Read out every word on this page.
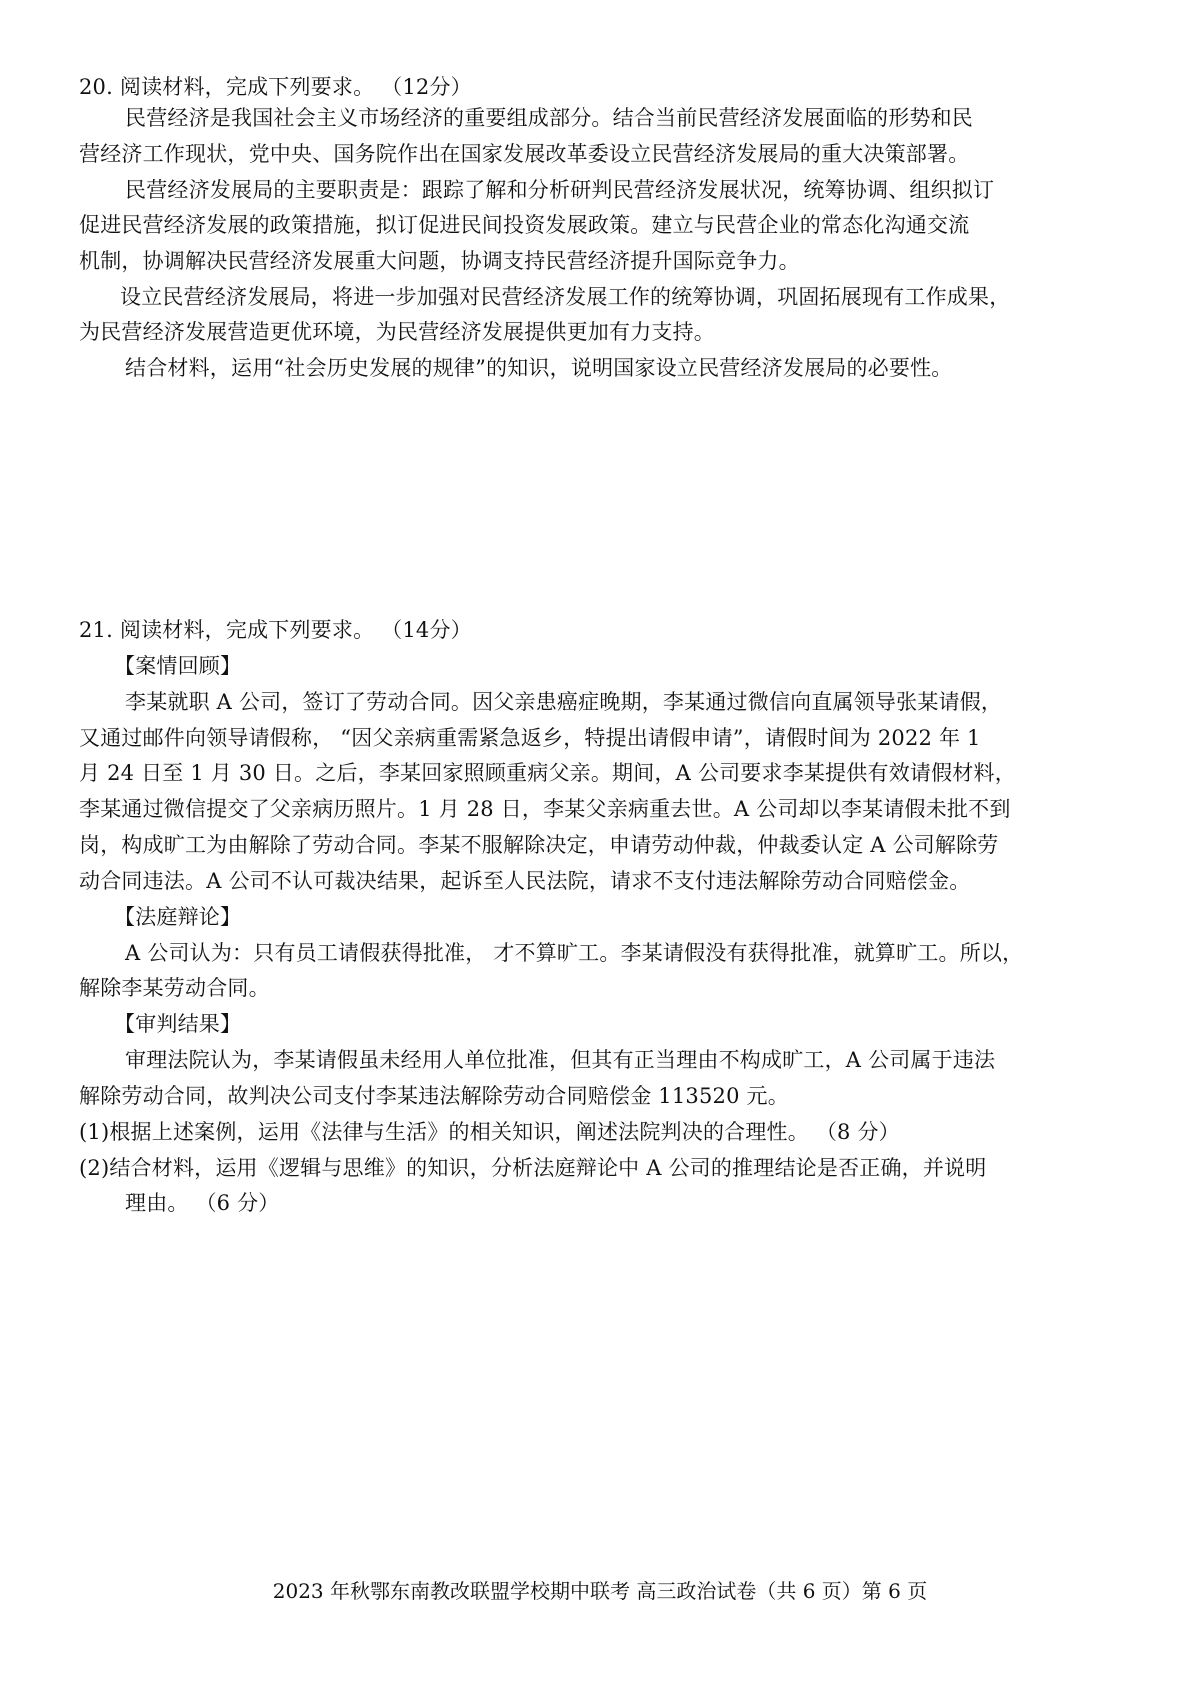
20. 阅读材料，完成下列要求。 （12分）
民营经济是我国社会主义市场经济的重要组成部分。结合当前民营经济发展面临的形势和民
营经济工作现状，党中央、国务院作出在国家发展改革委设立民营经济发展局的重大决策部署。
民营经济发展局的主要职责是：跟踪了解和分析研判民营经济发展状况，统筹协调、组织拟订
促进民营经济发展的政策措施，拟订促进民间投资发展政策。建立与民营企业的常态化沟通交流
机制，协调解决民营经济发展重大问题，协调支持民营经济提升国际竞争力。
设立民营经济发展局，将进一步加强对民营经济发展工作的统筹协调，巩固拓展现有工作成果，
为民营经济发展营造更优环境，为民营经济发展提供更加有力支持。
结合材料，运用“社会历史发展的规律”的知识，说明国家设立民营经济发展局的必要性。
21. 阅读材料，完成下列要求。 （14分）
【案情回顾】
李某就职 A 公司，签订了劳动合同。因父亲患癌症晚期，李某通过微信向直属领导张某请假，
又通过邮件向领导请假称， “因父亲病重需紧急返乡，特提出请假申请”，请假时间为 2022 年 1
月 24 日至 1 月 30 日。之后，李某回家照顾重病父亲。期间，A 公司要求李某提供有效请假材料，
李某通过微信提交了父亲病历照片。1 月 28 日，李某父亲病重去世。A 公司却以李某请假未批不到
岗，构成旷工为由解除了劳动合同。李某不服解除决定，申请劳动仲裁，仲裁委认定 A 公司解除劳
动合同违法。A 公司不认可裁决结果，起诉至人民法院，请求不支付违法解除劳动合同赔偿金。
【法庭辩论】
A 公司认为：只有员工请假获得批准， 才不算旷工。李某请假没有获得批准，就算旷工。所以，
解除李某劳动合同。
【审判结果】
审理法院认为，李某请假虽未经用人单位批准，但其有正当理由不构成旷工，A 公司属于违法
解除劳动合同，故判决公司支付李某违法解除劳动合同赔偿金 113520 元。
(1)根据上述案例，运用《法律与生活》的相关知识，阐述法院判决的合理性。 （8 分）
(2)结合材料，运用《逻辑与思维》的知识，分析法庭辩论中 A 公司的推理结论是否正确，并说明
理由。 （6 分）
2023 年秋鄂东南教改联盟学校期中联考 高三政治试卷（共 6 页）第 6 页
